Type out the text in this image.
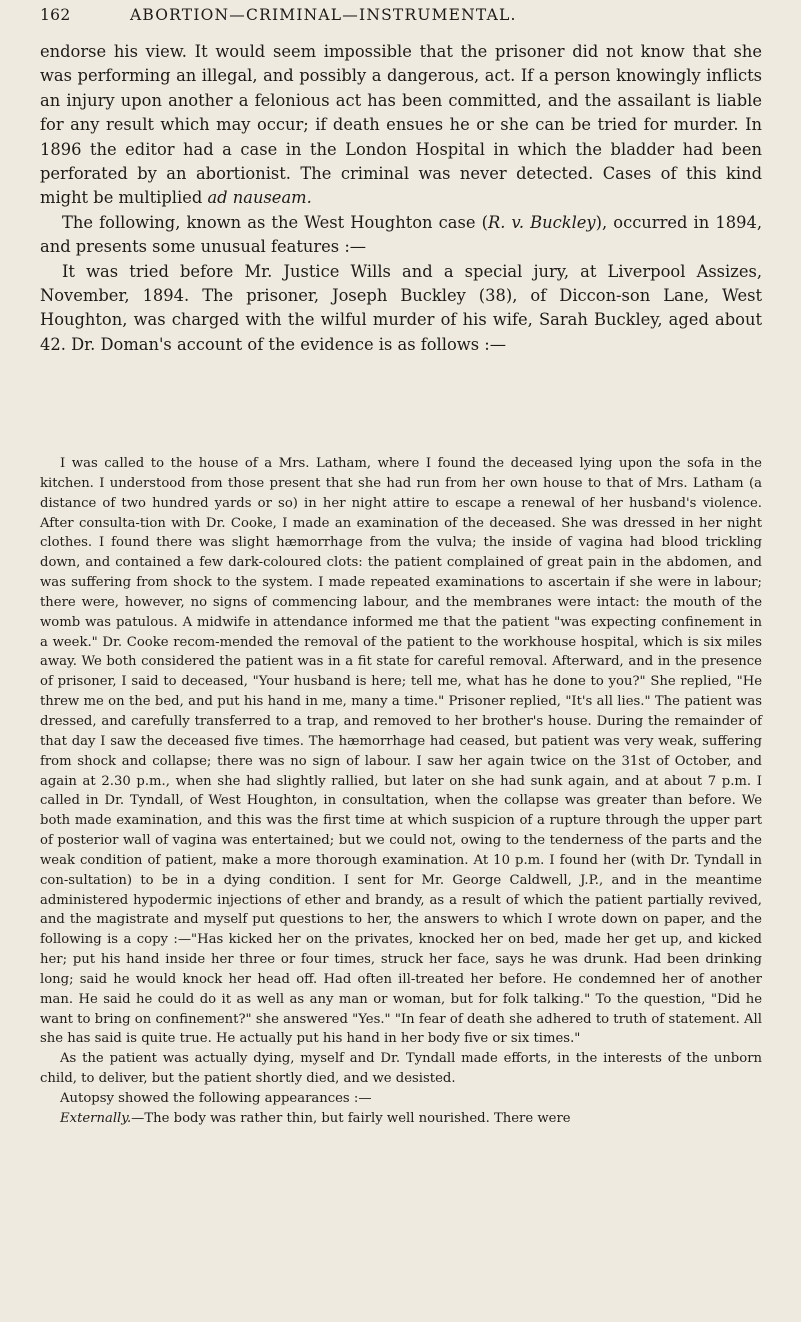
162	ABORTION—CRIMINAL—INSTRUMENTAL.

endorse his view. It would seem impossible that the prisoner did not know that she was performing an illegal, and possibly a dangerous, act. If a person knowingly inflicts an injury upon another a felonious act has been committed, and the assailant is liable for any result which may occur; if death ensues he or she can be tried for murder. In 1896 the editor had a case in the London Hospital in which the bladder had been perforated by an abortionist. The criminal was never detected. Cases of this kind might be multiplied ad nauseam.

The following, known as the West Houghton case (R. v. Buckley), occurred in 1894, and presents some unusual features :—

It was tried before Mr. Justice Wills and a special jury, at Liverpool Assizes, November, 1894. The prisoner, Joseph Buckley (38), of Diccon-son Lane, West Houghton, was charged with the wilful murder of his wife, Sarah Buckley, aged about 42. Dr. Doman's account of the evidence is as follows :—

I was called to the house of a Mrs. Latham, where I found the deceased lying upon the sofa in the kitchen. I understood from those present that she had run from her own house to that of Mrs. Latham (a distance of two hundred yards or so) in her night attire to escape a renewal of her husband's violence. After consulta-tion with Dr. Cooke, I made an examination of the deceased. She was dressed in her night clothes. I found there was slight hæmorrhage from the vulva; the inside of vagina had blood trickling down, and contained a few dark-coloured clots: the patient complained of great pain in the abdomen, and was suffering from shock to the system. I made repeated examinations to ascertain if she were in labour; there were, however, no signs of commencing labour, and the membranes were intact: the mouth of the womb was patulous. A midwife in attendance informed me that the patient "was expecting confinement in a week." Dr. Cooke recom-mended the removal of the patient to the workhouse hospital, which is six miles away. We both considered the patient was in a fit state for careful removal. Afterward, and in the presence of prisoner, I said to deceased, "Your husband is here; tell me, what has he done to you?" She replied, "He threw me on the bed, and put his hand in me, many a time." Prisoner replied, "It's all lies." The patient was dressed, and carefully transferred to a trap, and removed to her brother's house. During the remainder of that day I saw the deceased five times. The hæmorrhage had ceased, but patient was very weak, suffering from shock and collapse; there was no sign of labour. I saw her again twice on the 31st of October, and again at 2.30 p.m., when she had slightly rallied, but later on she had sunk again, and at about 7 p.m. I called in Dr. Tyndall, of West Houghton, in consultation, when the collapse was greater than before. We both made examination, and this was the first time at which suspicion of a rupture through the upper part of posterior wall of vagina was entertained; but we could not, owing to the tenderness of the parts and the weak condition of patient, make a more thorough examination. At 10 p.m. I found her (with Dr. Tyndall in con-sultation) to be in a dying condition. I sent for Mr. George Caldwell, J.P., and in the meantime administered hypodermic injections of ether and brandy, as a result of which the patient partially revived, and the magistrate and myself put questions to her, the answers to which I wrote down on paper, and the following is a copy :—"Has kicked her on the privates, knocked her on bed, made her get up, and kicked her; put his hand inside her three or four times, struck her face, says he was drunk. Had been drinking long; said he would knock her head off. Had often ill-treated her before. He condemned her of another man. He said he could do it as well as any man or woman, but for folk talking." To the question, "Did he want to bring on confinement?" she answered "Yes." "In fear of death she adhered to truth of statement. All she has said is quite true. He actually put his hand in her body five or six times."

As the patient was actually dying, myself and Dr. Tyndall made efforts, in the interests of the unborn child, to deliver, but the patient shortly died, and we desisted.

Autopsy showed the following appearances :—

Externally.—The body was rather thin, but fairly well nourished. There were
